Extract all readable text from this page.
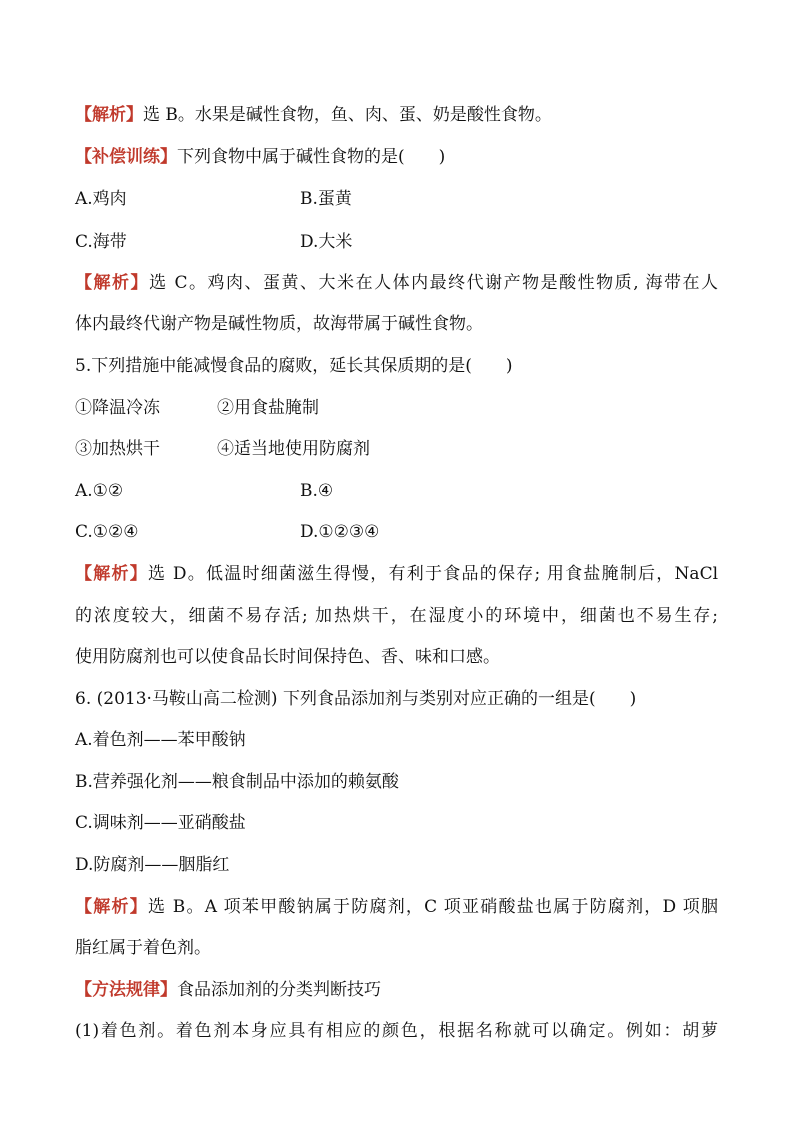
【解析】选 B。水果是碱性食物，鱼、肉、蛋、奶是酸性食物。
【补偿训练】下列食物中属于碱性食物的是(　　)
A.鸡肉	B.蛋黄
C.海带	D.大米
【解析】选 C。鸡肉、蛋黄、大米在人体内最终代谢产物是酸性物质, 海带在人
体内最终代谢产物是碱性物质，故海带属于碱性食物。
5.下列措施中能减慢食品的腐败，延长其保质期的是(　　)
①降温冷冻	②用食盐腌制
③加热烘干	④适当地使用防腐剂
A.①②	B.④
C.①②④	D.①②③④
【解析】选 D。低温时细菌滋生得慢，有利于食品的保存; 用食盐腌制后，NaCl
的浓度较大，细菌不易存活; 加热烘干，在湿度小的环境中，细菌也不易生存;
使用防腐剂也可以使食品长时间保持色、香、味和口感。
6. (2013·马鞍山高二检测) 下列食品添加剂与类别对应正确的一组是(　　)
A.着色剂——苯甲酸钠
B.营养强化剂——粮食制品中添加的赖氨酸
C.调味剂——亚硝酸盐
D.防腐剂——胭脂红
【解析】选 B。A 项苯甲酸钠属于防腐剂，C 项亚硝酸盐也属于防腐剂，D 项胭
脂红属于着色剂。
【方法规律】食品添加剂的分类判断技巧
(1)着色剂。着色剂本身应具有相应的颜色，根据名称就可以确定。例如：胡萝
